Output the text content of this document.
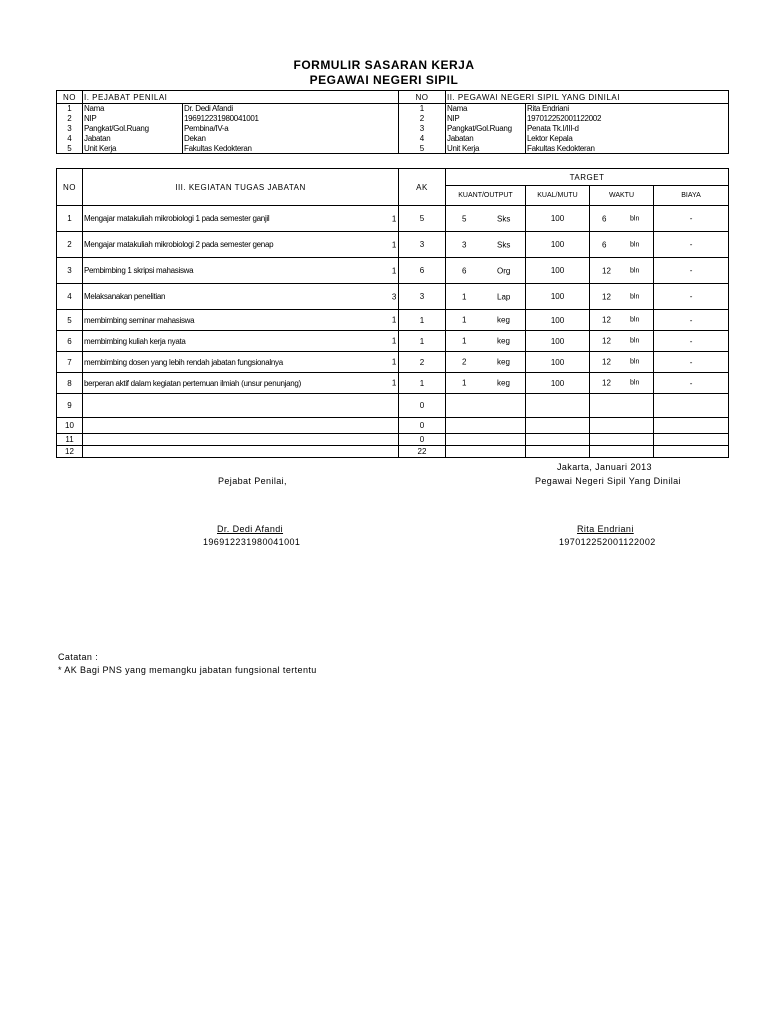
FORMULIR SASARAN KERJA
PEGAWAI NEGERI SIPIL
NO	I. PEJABAT PENILAI		NO	II. PEGAWAI NEGERI SIPIL YANG DINILAI	
1	Nama	Dr. Dedi Afandi	1	Nama	Rita Endriani
2	NIP	196912231980041001	2	NIP	197012252001122002
3	Pangkat/Gol.Ruang	Pembina/IV-a	3	Pangkat/Gol.Ruang	Penata Tk.I/III-d
4	Jabatan	Dekan	4	Jabatan	Lektor Kepala
5	Unit Kerja	Fakultas Kedokteran	5	Unit Kerja	Fakultas Kedokteran
NO	III. KEGIATAN TUGAS JABATAN	AK	TARGET			
			KUANT/OUTPUT	KUAL/MUTU	WAKTU	BIAYA
1	Mengajar matakuliah mikrobiologi 1 pada semester ganjil 1	5	5 Sks	100	6 bln	-
2	Mengajar matakuliah mikrobiologi 2 pada semester genap 1	3	3 Sks	100	6 bln	-
3	Pembimbing 1 skripsi mahasiswa 1	6	6 Org	100	12 bln	-
4	Melaksanakan penelitian 3	3	1 Lap	100	12 bln	-
5	membimbing seminar mahasiswa 1	1	1 keg	100	12 bln	-
6	membimbing kuliah kerja nyata 1	1	1 keg	100	12 bln	-
7	membimbing dosen yang lebih rendah jabatan fungsionalnya 1	2	2 keg	100	12 bln	-
8	berperan aktif dalam kegiatan pertemuan ilmiah (unsur penunjang) 1	1	1 keg	100	12 bln	-
9		0	

10		0	

11		0	

12		22	

Jakarta, Januari 2013
Pejabat Penilai,	Pegawai Negeri Sipil Yang Dinilai
Dr. Dedi Afandi
196912231980041001
Rita Endriani
197012252001122002
Catatan :
* AK Bagi PNS yang memangku jabatan fungsional tertentu
